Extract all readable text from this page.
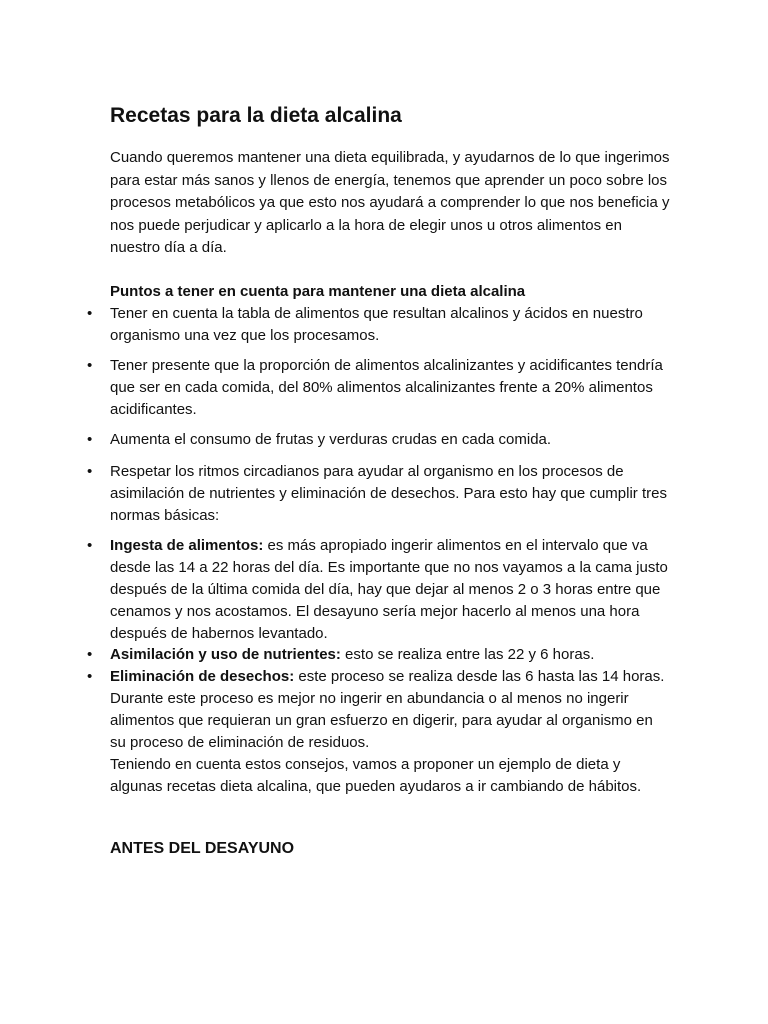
Recetas para la dieta alcalina

Cuando queremos mantener una dieta equilibrada, y ayudarnos de lo que ingerimos para estar más sanos y llenos de energía, tenemos que aprender un poco sobre los procesos metabólicos ya que esto nos ayudará a comprender lo que nos beneficia y nos puede perjudicar y aplicarlo a la hora de elegir unos u otros alimentos en nuestro día a día.

Puntos a tener en cuenta para mantener una dieta alcalina
• Tener en cuenta la tabla de alimentos que resultan alcalinos y ácidos en nuestro organismo una vez que los procesamos.
• Tener presente que la proporción de alimentos alcalinizantes y acidificantes tendría que ser en cada comida, del 80% alimentos alcalinizantes frente a 20% alimentos acidificantes.
• Aumenta el consumo de frutas y verduras crudas en cada comida.
• Respetar los ritmos circadianos para ayudar al organismo en los procesos de asimilación de nutrientes y eliminación de desechos. Para esto hay que cumplir tres normas básicas:
• Ingesta de alimentos: es más apropiado ingerir alimentos en el intervalo que va desde las 14 a 22 horas del día. Es importante que no nos vayamos a la cama justo después de la última comida del día, hay que dejar al menos 2 o 3 horas entre que cenamos y nos acostamos. El desayuno sería mejor hacerlo al menos una hora después de habernos levantado.
• Asimilación y uso de nutrientes: esto se realiza entre las 22 y 6 horas.
• Eliminación de desechos: este proceso se realiza desde las 6 hasta las 14 horas. Durante este proceso es mejor no ingerir en abundancia o al menos no ingerir alimentos que requieran un gran esfuerzo en digerir, para ayudar al organismo en su proceso de eliminación de residuos.

Teniendo en cuenta estos consejos, vamos a proponer un ejemplo de dieta y algunas recetas dieta alcalina, que pueden ayudaros a ir cambiando de hábitos.

ANTES DEL DESAYUNO
